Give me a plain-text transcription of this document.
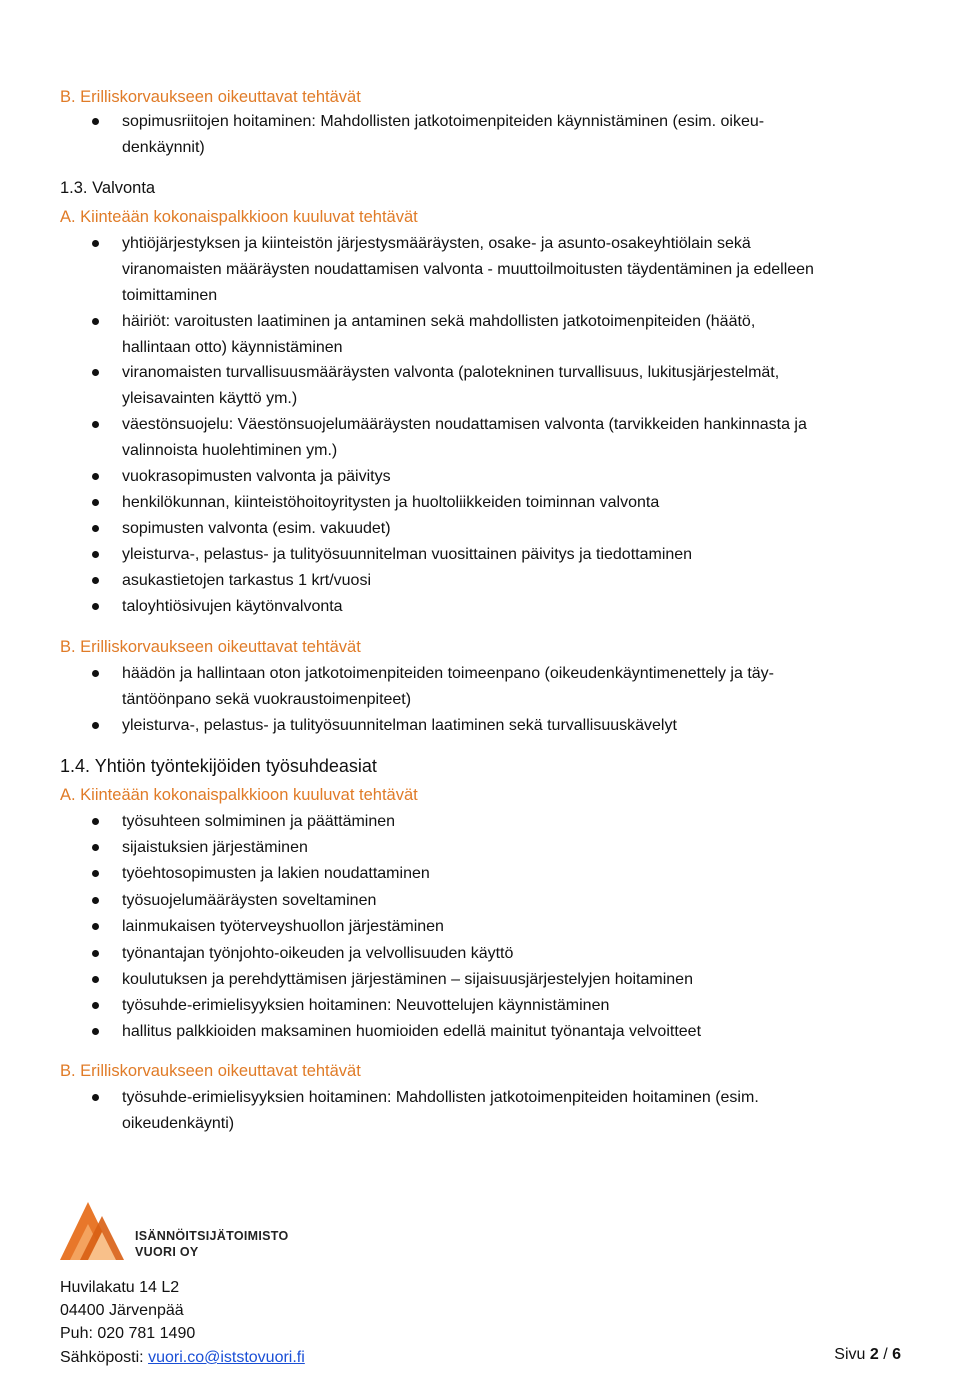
B. Erilliskorvaukseen oikeuttavat tehtävät
sopimusriitojen hoitaminen: Mahdollisten jatkotoimenpiteiden käynnistäminen (esim. oikeu-
denkäynnit)
1.3. Valvonta
A. Kiinteään kokonaispalkkioon kuuluvat tehtävät
yhtiöjärjestyksen ja kiinteistön järjestysmääräysten, osake- ja asunto-osakeyhtiölain sekä
viranomaisten määräysten noudattamisen valvonta - muuttoilmoitusten täydentäminen ja edelleen
toimittaminen
häiriöt: varoitusten laatiminen ja antaminen sekä mahdollisten jatkotoimenpiteiden (häätö,
hallintaan otto) käynnistäminen
viranomaisten turvallisuusmääräysten valvonta (palotekninen turvallisuus, lukitusjärjestelmät,
yleisavainten käyttö ym.)
väestönsuojelu: Väestönsuojelumääräysten noudattamisen valvonta (tarvikkeiden hankinnasta ja
valinnoista huolehtiminen ym.)
vuokrasopimusten valvonta ja päivitys
henkilökunnan, kiinteistöhoitoyritysten ja huoltoliikkeiden toiminnan valvonta
sopimusten valvonta (esim. vakuudet)
yleisturva-, pelastus- ja tulityösuunnitelman vuosittainen päivitys ja tiedottaminen
asukastietojen tarkastus 1 krt/vuosi
taloyhtiösivujen käytönvalvonta
B. Erilliskorvaukseen oikeuttavat tehtävät
häädön ja hallintaan oton jatkotoimenpiteiden toimeenpano (oikeudenkäyntimenettely ja täy-
täntöönpano sekä vuokraustoimenpiteet)
yleisturva-, pelastus- ja tulityösuunnitelman laatiminen sekä turvallisuuskävelyt
1.4. Yhtiön työntekijöiden työsuhdeasiat
A. Kiinteään kokonaispalkkioon kuuluvat tehtävät
työsuhteen solmiminen ja päättäminen
sijaistuksien järjestäminen
työehtosopimusten ja lakien noudattaminen
työsuojelumääräysten soveltaminen
lainmukaisen työterveyshuollon järjestäminen
työnantajan työnjohto-oikeuden ja velvollisuuden käyttö
koulutuksen ja perehdyttämisen järjestäminen – sijaisuusjärjestelyjen hoitaminen
työsuhde-erimielisyyksien hoitaminen: Neuvottelujen käynnistäminen
hallitus palkkioiden maksaminen huomioiden edellä mainitut työnantaja velvoitteet
B. Erilliskorvaukseen oikeuttavat tehtävät
työsuhde-erimielisyyksien hoitaminen: Mahdollisten jatkotoimenpiteiden hoitaminen (esim.
oikeudenkäynti)
ISÄNNÖITSIJÄTOIMISTO
VUORI OY
Huvilakatu 14 L2
04400 Järvenpää
Puh: 020 781 1490
Sähköposti: vuori.co@iststovuori.fi	Sivu 2 / 6
